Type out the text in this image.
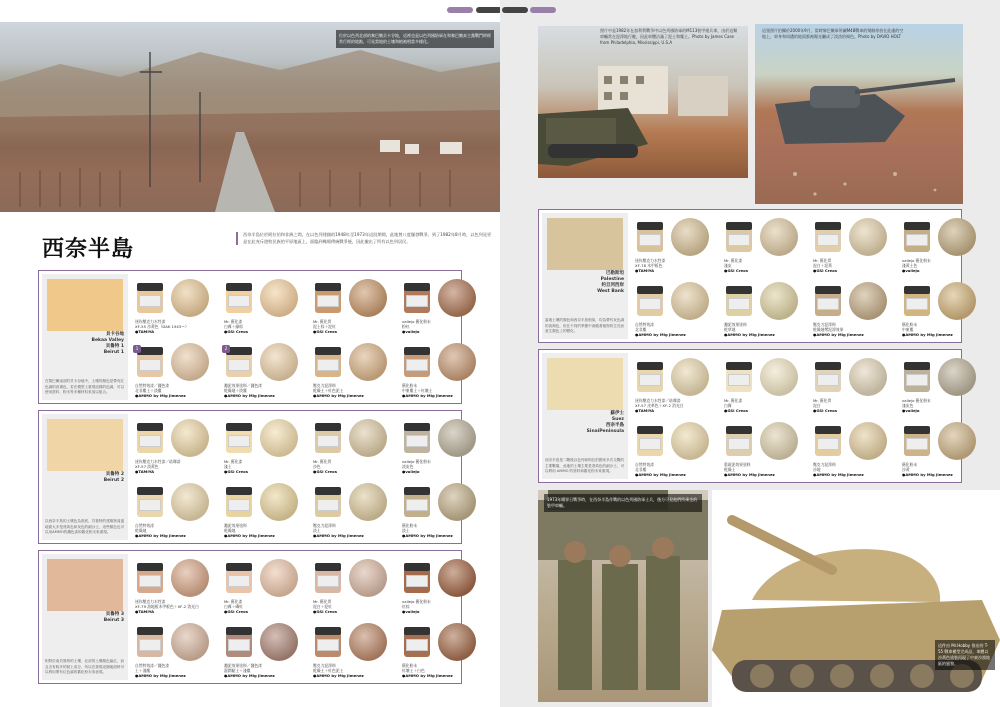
位於以色列北部的黎巴嫩貝卡谷地，這裡也是以色列國防軍在和黎巴嫩真主黨戰鬥時經常行經的地點，可見當地的土壤和植被相當多樣化。
西奈半島
西奈半島位於阿拉伯和非洲之間，在以色列建國的1948年至1973年這段期間，此地曾八度爆發戰爭。到了1982年8月時，以色列見更是在此充斥遊牧民族的平原地區上，面臨到幾場傳統戰爭後，因此撤出了所有以色列居民。
貝卡谷地
Bekaa Valley
貝魯特 1
Beirut 1
在黎巴嫩南部的貝卡谷地中，土壤的顏色是帶有紅色調的淡褐色，若在模型上重現這樣的色調，可以使用塗料、粉末等多種材料來加以組合。
迷你壓克力水性漆
XF-55 沙黃色（DAK 1943～）
●TAMIYA
Mr. 舊化漆
白霧＋綠棕
●GSI Creos
Mr. 舊化膏
泥土棕＋泥紅
●GSI Creos
vallejo 舊化粉末
粉紅
●vallejo
自然特效漆／濺色漆
北非塵土＋淡塵
●AMMO by Mig Jimenez
1
濺泥效果塗料／濺色漆
乾燥地＋淡塵
●AMMO by Mig Jimenez
2
壓克力泥濘料
乾燥土＋紅色泥土
●AMMO by Mig Jimenez
舊化粉末
中東塵土＋紅壤土
●AMMO by Mig Jimenez
貝魯特 2
Beirut 2
以西奈半島的土壤色為基底，貝魯特的建築物周邊地面大多是淺黃色和灰色的細沙土，這些顏色也可以用AMMO的濺色漆和舊化粉末來重現。
迷你壓克力水性漆／琺瑯漆
XF-57 淡黃色
●TAMIYA
Mr. 舊化漆
淺土
●GSI Creos
Mr. 舊化膏
沙色
●GSI Creos
vallejo 舊化粉末
淡灰色
●vallejo
自然特效漆
乾燥地
●AMMO by Mig Jimenez
濺泥效果塗料
乾燥地
●AMMO by Mig Jimenez
壓克力泥濘料
淡土
●AMMO by Mig Jimenez
舊化粉末
淡土
●AMMO by Mig Jimenez
貝魯特 3
Beirut 3
相對於南貝魯特的土壤，北部的土壤顏色偏紅，而且含有較多的黏土成分，所以在重現這類地面時可以利用帶有紅色調的舊化粉末來表現。
迷你壓克力水性漆
XF-79 油地板木甲板色＋XF-2 消光白
●TAMIYA
Mr. 舊化漆
白霧＋磚紅
●GSI Creos
Mr. 舊化膏
泥白＋泥紅
●GSI Creos
vallejo 舊化粉末
紅棕
●vallejo
自然特效漆／濺色漆
土＋淺塵
●AMMO by Mig Jimenez
濺泥效果塗料／濺色漆
濕潤黏土＋淺塵
●AMMO by Mig Jimenez
壓克力泥濘料
乾燥土＋紅色泥土
●AMMO by Mig Jimenez
舊化粉末
紅壤土＋白色
●AMMO by Mig Jimenez
照片中是1982年在加利利戰爭中以色列國防軍的M113裝甲運兵車，由於這類車輛常在泥濘地行駛，因此車體沾滿了泥土和塵土。Photo by James Case from Philadelphia, Mississippi, U.S.A
這張照片拍攝於2000年9月，當時黎巴嫩軍所屬M48戰車的殘骸停放在此處的空地上，車身和周遭的地面都被陽光曬成了淡淡的褐色。Photo by DAVID HOLT
巴勒斯坦
Palestine
約旦河西岸
West Bank
當地土壤的顏色和西奈半島相似，均為帶有灰色調的淡褐色，但在不同的季節中會隨著植物的生長而產生顏色上的變化。
迷你壓克力水性漆
XF-78 木甲板色
●TAMIYA
Mr. 舊化漆
淺灰
●GSI Creos
Mr. 舊化膏
泥白＋泥黃
●GSI Creos
vallejo 舊化粉末
淺黃土色
●vallejo
自然特效漆
北非塵
●AMMO by Mig Jimenez
濺泥效果塗料
乾草地
●AMMO by Mig Jimenez
壓克力泥濘料
乾燥地帶泥濘效果
●AMMO by Mig Jimenez
舊化粉末
中東塵
●AMMO by Mig Jimenez
蘇伊士
Suez
西奈半島
SinaiPeninsula
西奈半島是二戰後以色列和阿拉伯國家多次交戰的主要戰場，此地的土壤主要是淺黃色的細沙土，可以利用 AMMO 的塗料和舊化粉末來重現。
迷你壓克力水性漆／琺瑯漆
XF-57 皮革色＋XF-2 消光白
●TAMIYA
Mr. 舊化漆
白霧
●GSI Creos
Mr. 舊化膏
泥白
●GSI Creos
vallejo 舊化粉末
淺灰色
●vallejo
自然特效漆
北非塵
●AMMO by Mig Jimenez
重現泥效果塗料
乾燥土
●AMMO by Mig Jimenez
壓克力泥濘料
沙地
●AMMO by Mig Jimenez
舊化粉末
沙黃
●AMMO by Mig Jimenez
1973年贖罪日戰爭時，在西奈半島作戰的以色列國防軍士兵，後方可見他們所乘坐的裝甲車輛。
這件由 Mr.Hobby 推出的 T-55 戰車模型完成品，車體以沙黃色塗裝再現了中東沙漠地區的風貌。
